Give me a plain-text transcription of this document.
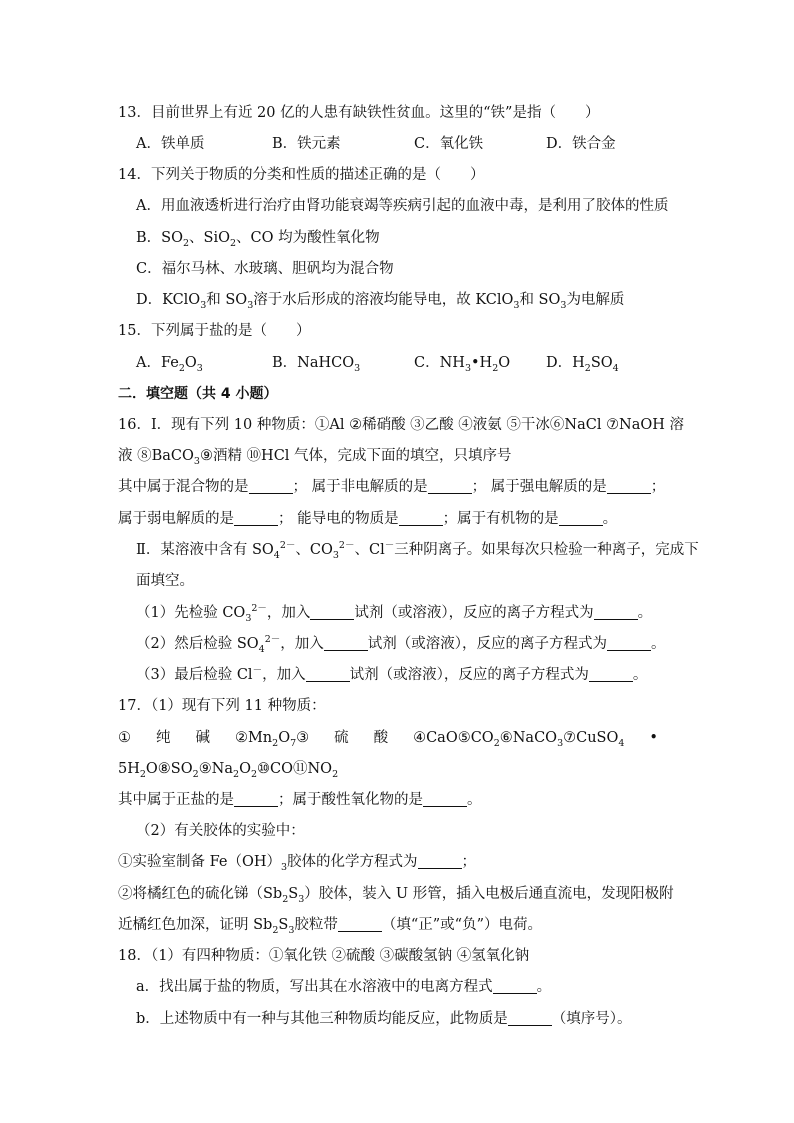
13．目前世界上有近 20 亿的人患有缺铁性贫血。这里的“铁”是指（　　）
A．铁单质	B．铁元素	C．氧化铁	D．铁合金
14．下列关于物质的分类和性质的描述正确的是（　　）
A．用血液透析进行治疗由肾功能衰竭等疾病引起的血液中毒，是利用了胶体的性质
B．$SO_2$、SiO$_2$、CO 均为酸性氧化物
C．福尔马林、水玻璃、胆矾均为混合物
D．KClO$_3$和 $SO_3$溶于水后形成的溶液均能导电，故 KClO$_3$和 $SO_3$为电解质
15．下列属于盐的是（　　）
A．$Fe_2O_3$	B．NaHCO$_3$	C．$NH_3•H_2O$ D．$H_2SO_4$
二．填空题（共 4 小题）
16．Ⅰ．现有下列 10 种物质：①Al ②稀硝酸 ③乙酸 ④液氨 ⑤干冰⑥NaCl ⑦NaOH 溶
液 ⑧BaCO$_3$⑨酒精 ⑩HCl 气体，完成下面的填空，只填序号
其中属于混合物的是	； 属于非电解质的是	； 属于强电解质的是	；
属于弱电解质的是	； 能导电的物质是	；属于有机物的是	。
Ⅱ．某溶液中含有 $SO_4^{2-}$、$CO_3^{2-}$、Cl－三种阴离子。如果每次只检验一种离子，完成下
面填空。
（1）先检验 $CO_3^{2-}$，加入	试剂（或溶液），反应的离子方程式为	。
（2）然后检验 $SO_4^{2-}$，加入	试剂（或溶液），反应的离子方程式为	。
（3）最后检验 Cl－，加入	试剂（或溶液），反应的离子方程式为	。
17．（1）现有下列 11 种物质：
① 纯 碱 $②Mn_2O_7③$ 硫 酸 $④CaO⑤CO_2⑥NaCO_3⑦CuSO_4$ •
$5H_2O⑧SO_2⑨Na_2O_2⑩CO⑪NO_2$
其中属于正盐的是	；属于酸性氧化物的是	。
（2）有关胶体的实验中：
①实验室制备 $Fe(OH)_3$胶体的化学方程式为	；
②将橘红色的硫化锑$(Sb_2S_3)$胶体，装入 U 形管，插入电极后通直流电，发现阳极附
近橘红色加深，证明 $Sb_2S_3$胶粒带	（填“正”或“负”）电荷。
18．（1）有四种物质：①氧化铁 ②硫酸 ③碳酸氢钠 ④氢氧化钠
a．找出属于盐的物质，写出其在水溶液中的电离方程式	。
b．上述物质中有一种与其他三种物质均能反应，此物质是	（填序号）。
